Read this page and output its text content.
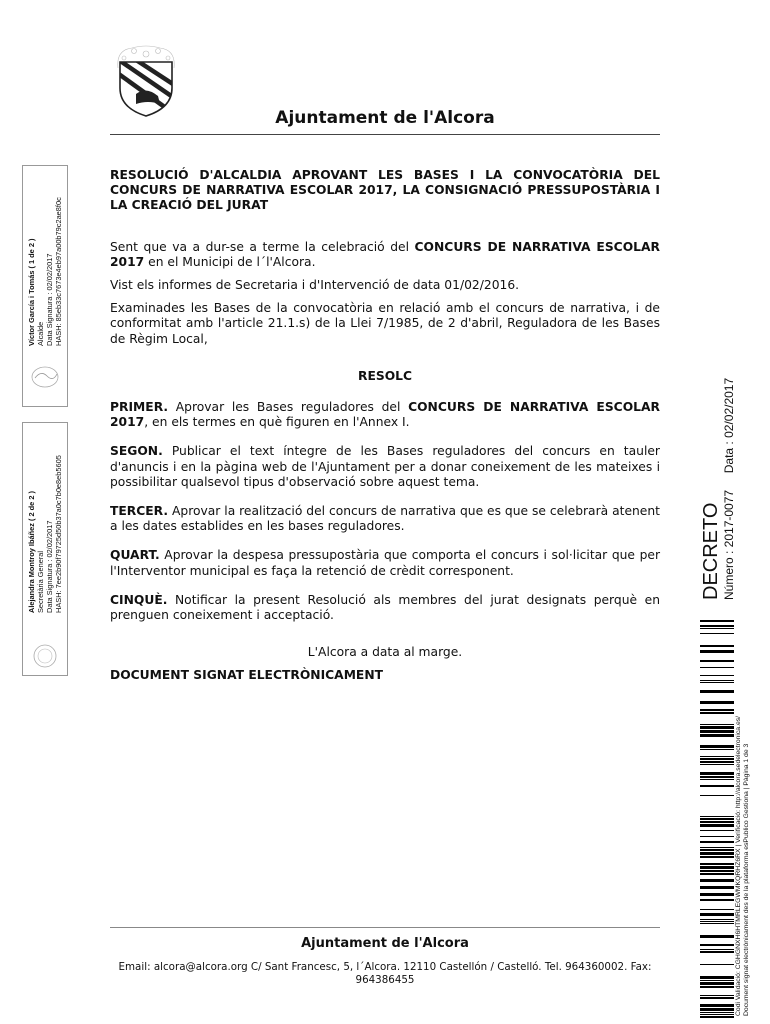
Ajuntament de l'Alcora

RESOLUCIÓ D'ALCALDIA APROVANT LES BASES I LA CONVOCATÒRIA DEL CONCURS DE NARRATIVA ESCOLAR 2017, LA CONSIGNACIÓ PRESSUPOSTÀRIA I LA CREACIÓ DEL JURAT

Sent que va a dur-se a terme la celebració del CONCURS DE NARRATIVA ESCOLAR 2017 en el Municipi de l´l'Alcora.

Vist els informes de Secretaria i d'Intervenció de data 01/02/2016.

Examinades les Bases de la convocatòria en relació amb el concurs de narrativa, i de conformitat amb l'article 21.1.s) de la Llei 7/1985, de 2 d'abril, Reguladora de les Bases de Règim Local,

RESOLC

PRIMER. Aprovar les Bases reguladores del CONCURS DE NARRATIVA ESCOLAR 2017, en els termes en què figuren en l'Annex I.

SEGON. Publicar el text íntegre de les Bases reguladores del concurs en tauler d'anuncis i en la pàgina web de l'Ajuntament per a donar coneixement de les mateixes i possibilitar qualsevol tipus d'observació sobre aquest tema.

TERCER. Aprovar la realització del concurs de narrativa que es que se celebrarà atenent a les dates establides en les bases reguladores.

QUART. Aprovar la despesa pressupostària que comporta el concurs i sol·licitar que per l'Interventor municipal es faça la retenció de crèdit corresponent.

CINQUÈ. Notificar la present Resolució als membres del jurat designats perquè en prenguen coneixement i acceptació.

L'Alcora a data al marge.

DOCUMENT SIGNAT ELECTRÒNICAMENT

Ajuntament de l'Alcora
Email: alcora@alcora.org C/ Sant Francesc, 5, l´Alcora. 12110 Castellón / Castelló. Tel. 964360002. Fax: 964386455
Víctor García i Tomás ( 1 de 2 ) Alcalde Data Signatura : 02/02/2017 HASH: 85eb33c7673e4eb97a00b79c2ae8f0c
Alejandra Montroy Ibáñez ( 2 de 2 ) Secretària General Data Signatura : 02/02/2017 HASH: 7ee2b90f79725d50b37a0c7b0e8eb5605	DECRETO Número : 2017-0077     Data : 02/02/2017
Codi Validació: CGHGNXH6HTMRLEGWMKQRHZ6RX | Verificació: http://alcora.sedelectronica.es/ Document signat electrònicament des de la plataforma esPublico Gestiona | Pàgina 1 de 3
